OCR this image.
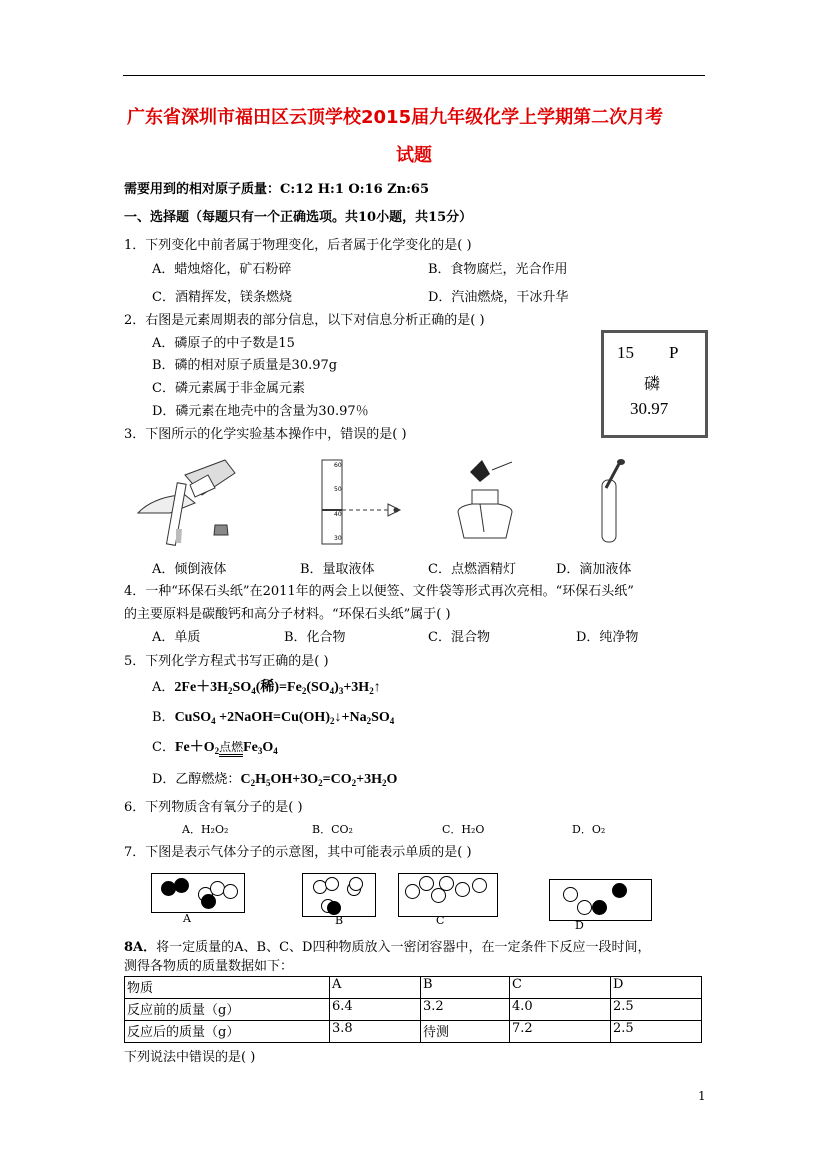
广东省深圳市福田区云顶学校2015届九年级化学上学期第二次月考
试题
需要用到的相对原子质量：C:12 H:1 O:16 Zn:65
一、选择题（每题只有一个正确选项。共10小题，共15分）
1．下列变化中前者属于物理变化，后者属于化学变化的是( )
A．蜡烛熔化，矿石粉碎	B．食物腐烂，光合作用
C．酒精挥发，镁条燃烧	D．汽油燃烧，干冰升华
2．右图是元素周期表的部分信息，以下对信息分析正确的是( )
A．磷原子的中子数是15
B．磷的相对原子质量是30.97g
C．磷元素属于非金属元素
D．磷元素在地壳中的含量为30.97％
15 P
磷
30.97
3．下图所示的化学实验基本操作中，错误的是( )
60
50
40
30
A．倾倒液体	B．量取液体	C．点燃酒精灯	D．滴加液体
4．一种“环保石头纸”在2011年的两会上以便签、文件袋等形式再次亮相。“环保石头纸”
的主要原料是碳酸钙和高分子材料。“环保石头纸”属于( )
A．单质	B．化合物	C．混合物	D．纯净物
5．下列化学方程式书写正确的是( )
A．$2Fe+3H_2SO_4$(稀)$=Fe_2(SO_4)_3+3H_2↑$
B．CuSO$_4$ $+2NaOH=Cu(OH)_2↓+Na_2SO_4$
C．$Fe+O_2$点燃$Fe_3O_4$
D．乙醇燃烧：$C_2H_5OH+3O_2=CO_2+3H_2O$
6．下列物质含有氧分子的是( )
A．H₂O₂	B．CO₂	C．H₂O	D．O₂
7．下图是表示气体分子的示意图，其中可能表示单质的是( )
A	B	C	D
8A．将一定质量的A、B、C、D四种物质放入一密闭容器中，在一定条件下反应一段时间，
测得各物质的质量数据如下：
物质	A	B	C	D
反应前的质量（g）	6.4	3.2	4.0	2.5
反应后的质量（g）	3.8	待测	7.2	2.5
下列说法中错误的是( )
1
